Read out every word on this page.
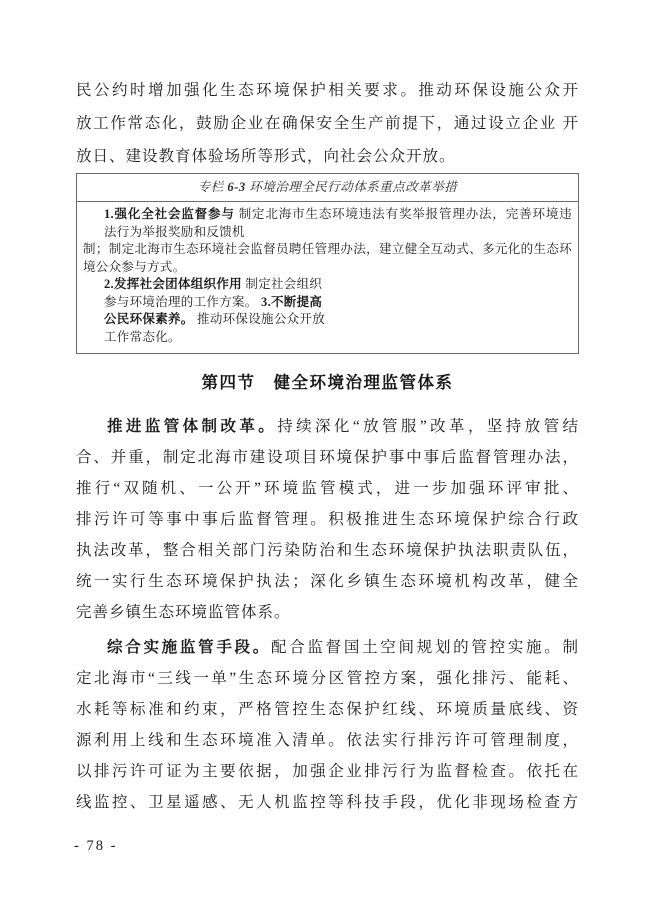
民公约时增加强化生态环境保护相关要求。推动环保设施公众开
放工作常态化，鼓励企业在确保安全生产前提下，通过设立企业 开
放日、建设教育体验场所等形式，向社会公众开放。
专栏 6-3 环境治理全民行动体系重点改革举措
1.强化全社会监督参与 制定北海市生态环境违法有奖举报管理办法，完善环境违
法行为举报奖励和反馈机
制；制定北海市生态环境社会监督员聘任管理办法，建立健全互动式、多元化的生态环
境公众参与方式。
2.发挥社会团体组织作用 制定社会组织
参与环境治理的工作方案。 3.不断提高
公民环保素养。 推动环保设施公众开放
工作常态化。
第四节　健全环境治理监管体系
推进监管体制改革。持续深化“放管服”改革，坚持放管结
合、并重，制定北海市建设项目环境保护事中事后监督管理办法，
推行“双随机、一公开”环境监管模式，进一步加强环评审批、
排污许可等事中事后监督管理。积极推进生态环境保护综合行政
执法改革，整合相关部门污染防治和生态环境保护执法职责队伍，
统一实行生态环境保护执法；深化乡镇生态环境机构改革，健全
完善乡镇生态环境监管体系。
综合实施监管手段。配合监督国土空间规划的管控实施。制
定北海市“三线一单”生态环境分区管控方案，强化排污、能耗、
水耗等标准和约束，严格管控生态保护红线、环境质量底线、资
源利用上线和生态环境准入清单。依法实行排污许可管理制度，
以排污许可证为主要依据，加强企业排污行为监督检查。依托在
线监控、卫星遥感、无人机监控等科技手段，优化非现场检查方
- 78 -
